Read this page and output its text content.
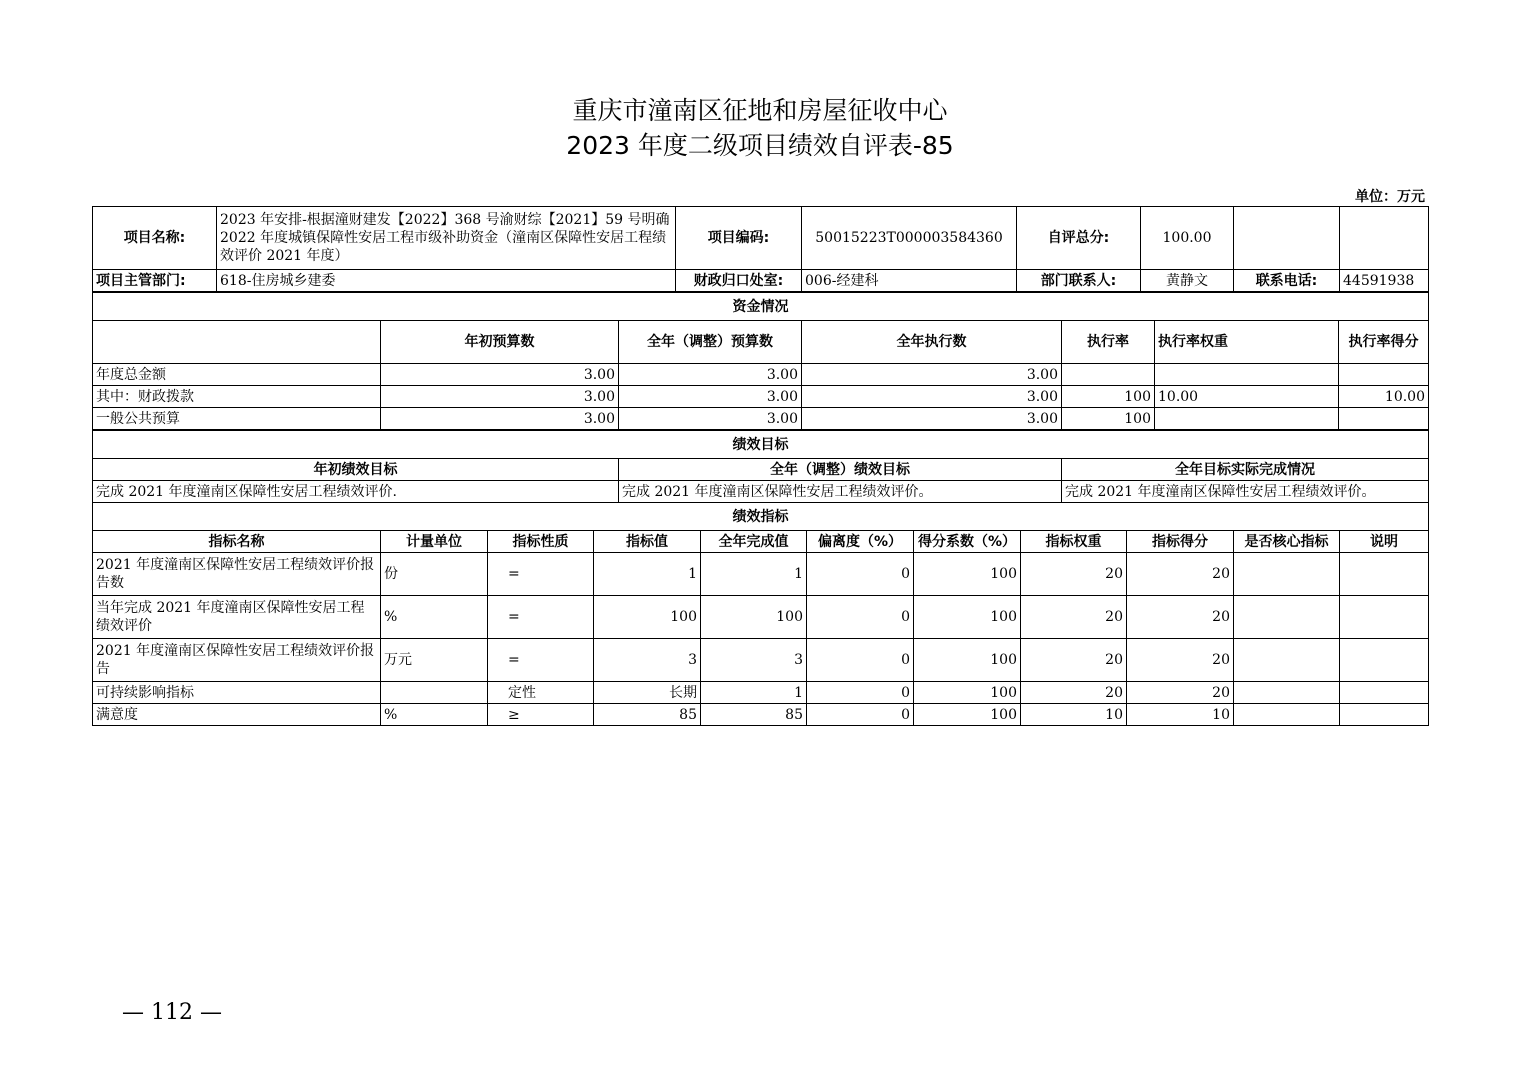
重庆市潼南区征地和房屋征收中心
2023 年度二级项目绩效自评表-85
单位：万元
项目名称:	2023 年安排-根据潼财建发【2022】368 号渝财综【2021】59 号明确 2022 年度城镇保障性安居工程市级补助资金（潼南区保障性安居工程绩效评价 2021 年度）	项目编码:	50015223T000003584360	自评总分:	100.00		
项目主管部门:	618-住房城乡建委	财政归口处室:	006-经建科	部门联系人:	黄静文	联系电话:	44591938
资金情况						
	年初预算数	全年（调整）预算数	全年执行数	执行率	执行率权重	执行率得分
年度总金额	3.00	3.00	3.00			
其中：财政拨款	3.00	3.00	3.00	100	10.00	10.00
一般公共预算	3.00	3.00	3.00	100		
绩效目标		
年初绩效目标	全年（调整）绩效目标	全年目标实际完成情况
完成 2021 年度潼南区保障性安居工程绩效评价.	完成 2021 年度潼南区保障性安居工程绩效评价。	完成 2021 年度潼南区保障性安居工程绩效评价。
绩效指标										
指标名称	计量单位	指标性质	指标值	全年完成值	偏离度（%）	得分系数（%）	指标权重	指标得分	是否核心指标	说明
2021 年度潼南区保障性安居工程绩效评价报告数	份	=	1	1	0	100	20	20		
当年完成 2021 年度潼南区保障性安居工程绩效评价	%	=	100	100	0	100	20	20		
2021 年度潼南区保障性安居工程绩效评价报告	万元	=	3	3	0	100	20	20		
可持续影响指标		定性	长期	1	0	100	20	20		
满意度	%	≥	85	85	0	100	10	10		
— 112 —
